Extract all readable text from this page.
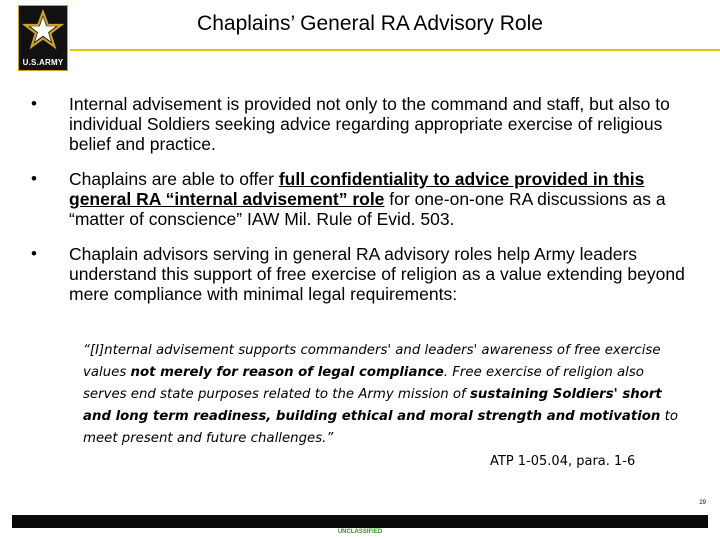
U.S.ARMY
Chaplains’ General RA Advisory Role
• Internal advisement is provided not only to the command and staff, but also to individual Soldiers seeking advice regarding appropriate exercise of religious belief and practice.
• Chaplains are able to offer full confidentiality to advice provided in this general RA “internal advisement” role for one-on-one RA discussions as a “matter of conscience” IAW Mil. Rule of Evid. 503.
• Chaplain advisors serving in general RA advisory roles help Army leaders understand this support of free exercise of religion as a value extending beyond mere compliance with minimal legal requirements:
“[I]nternal advisement supports commanders' and leaders' awareness of free exercise values not merely for reason of legal compliance. Free exercise of religion also serves end state purposes related to the Army mission of sustaining Soldiers' short and long term readiness, building ethical and moral strength and motivation to meet present and future challenges.”
ATP 1-05.04, para. 1-6
29
UNCLASSIFIED
